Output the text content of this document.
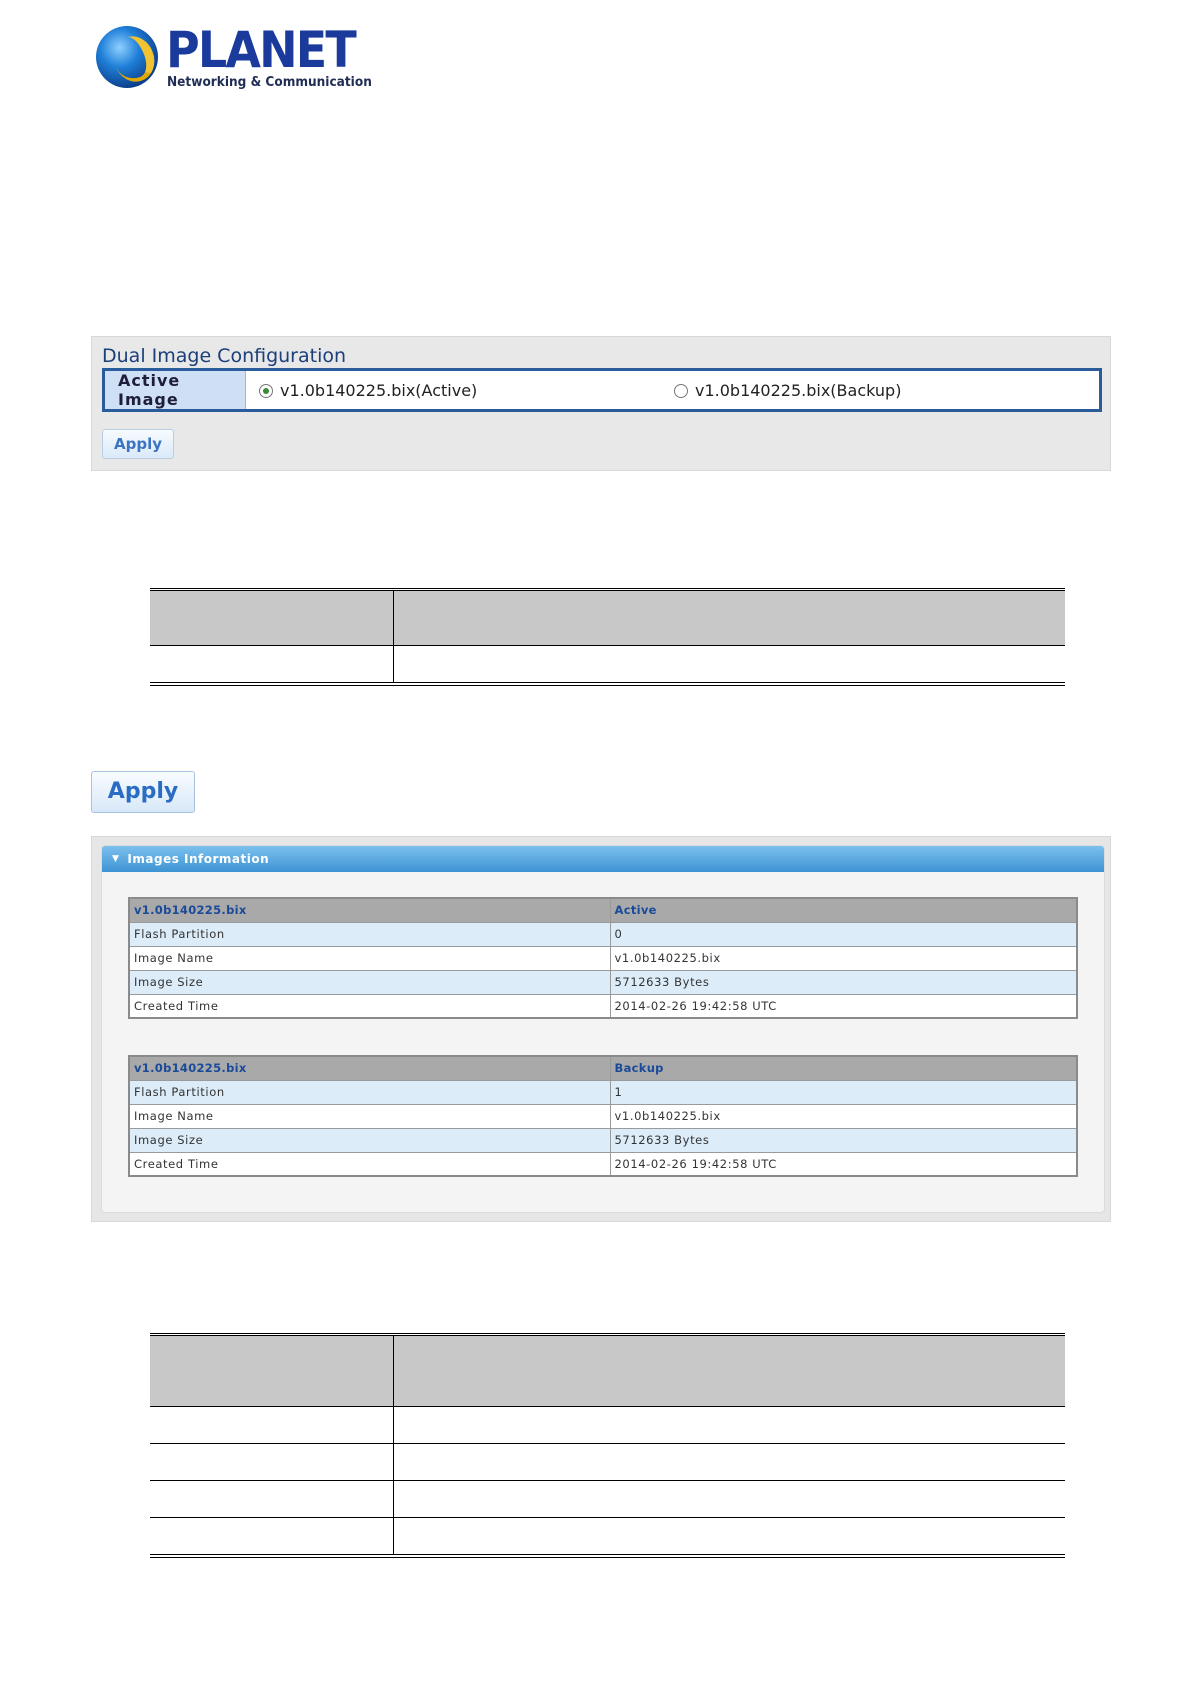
PLANET
Networking & Communication
Dual Image Configuration
Active Image	v1.0b140225.bix(Active)	v1.0b140225.bix(Backup)
Apply
Apply
▼ Images Information
v1.0b140225.bix	Active
Flash Partition	0
Image Name	v1.0b140225.bix
Image Size	5712633 Bytes
Created Time	2014-02-26 19:42:58 UTC
v1.0b140225.bix	Backup
Flash Partition	1
Image Name	v1.0b140225.bix
Image Size	5712633 Bytes
Created Time	2014-02-26 19:42:58 UTC
